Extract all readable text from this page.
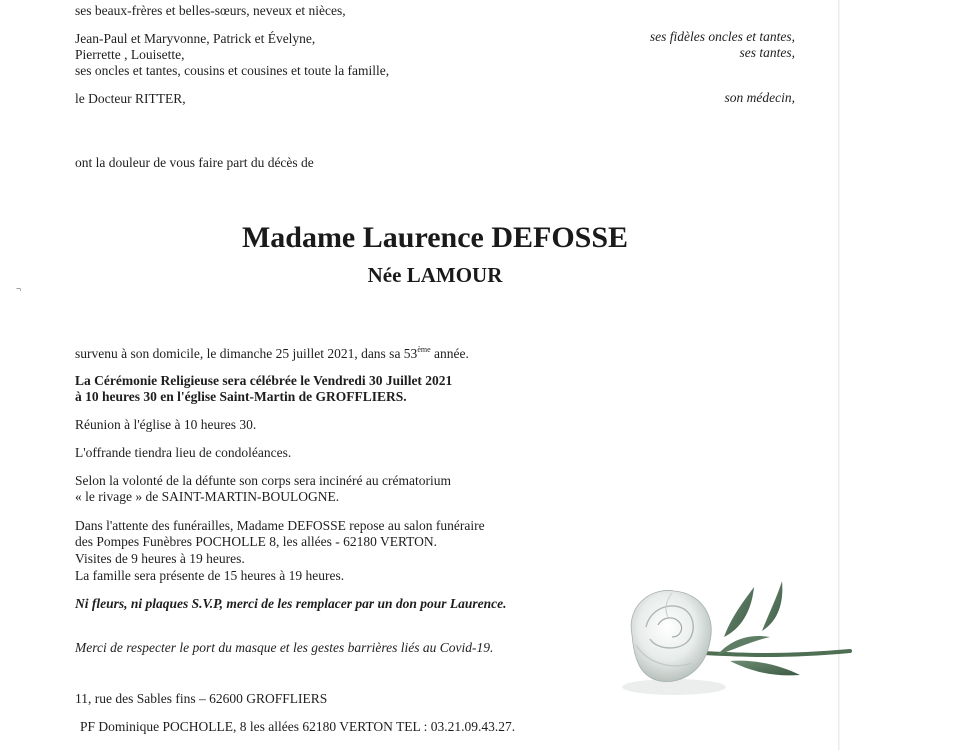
ses beaux-frères et belles-sœurs, neveux et nièces,
Jean-Paul et Maryvonne, Patrick et Évelyne,
Pierrette , Louisette,
ses oncles et tantes, cousins et cousines et toute la famille,
le Docteur RITTER,
ses fidèles oncles et tantes,
ses tantes,
son médecin,
ont la douleur de vous faire part du décès de
Madame Laurence DEFOSSE
Née LAMOUR
¬
survenu à son domicile, le dimanche 25 juillet 2021, dans sa 53ème année.
La Cérémonie Religieuse sera célébrée le Vendredi 30 Juillet 2021
à 10 heures 30 en l'église Saint-Martin de GROFFLIERS.
Réunion à l'église à 10 heures 30.
L'offrande tiendra lieu de condoléances.
Selon la volonté de la défunte son corps sera incinéré au crématorium
« le rivage » de SAINT-MARTIN-BOULOGNE.
Dans l'attente des funérailles, Madame DEFOSSE repose au salon funéraire
des Pompes Funèbres POCHOLLE 8, les allées - 62180 VERTON.
Visites de 9 heures à 19 heures.
La famille sera présente de 15 heures à 19 heures.
Ni fleurs, ni plaques S.V.P, merci de les remplacer par un don pour Laurence.
Merci de respecter le port du masque et les gestes barrières liés au Covid-19.
11, rue des Sables fins – 62600 GROFFLIERS
PF Dominique POCHOLLE, 8 les allées 62180 VERTON TEL : 03.21.09.43.27.
